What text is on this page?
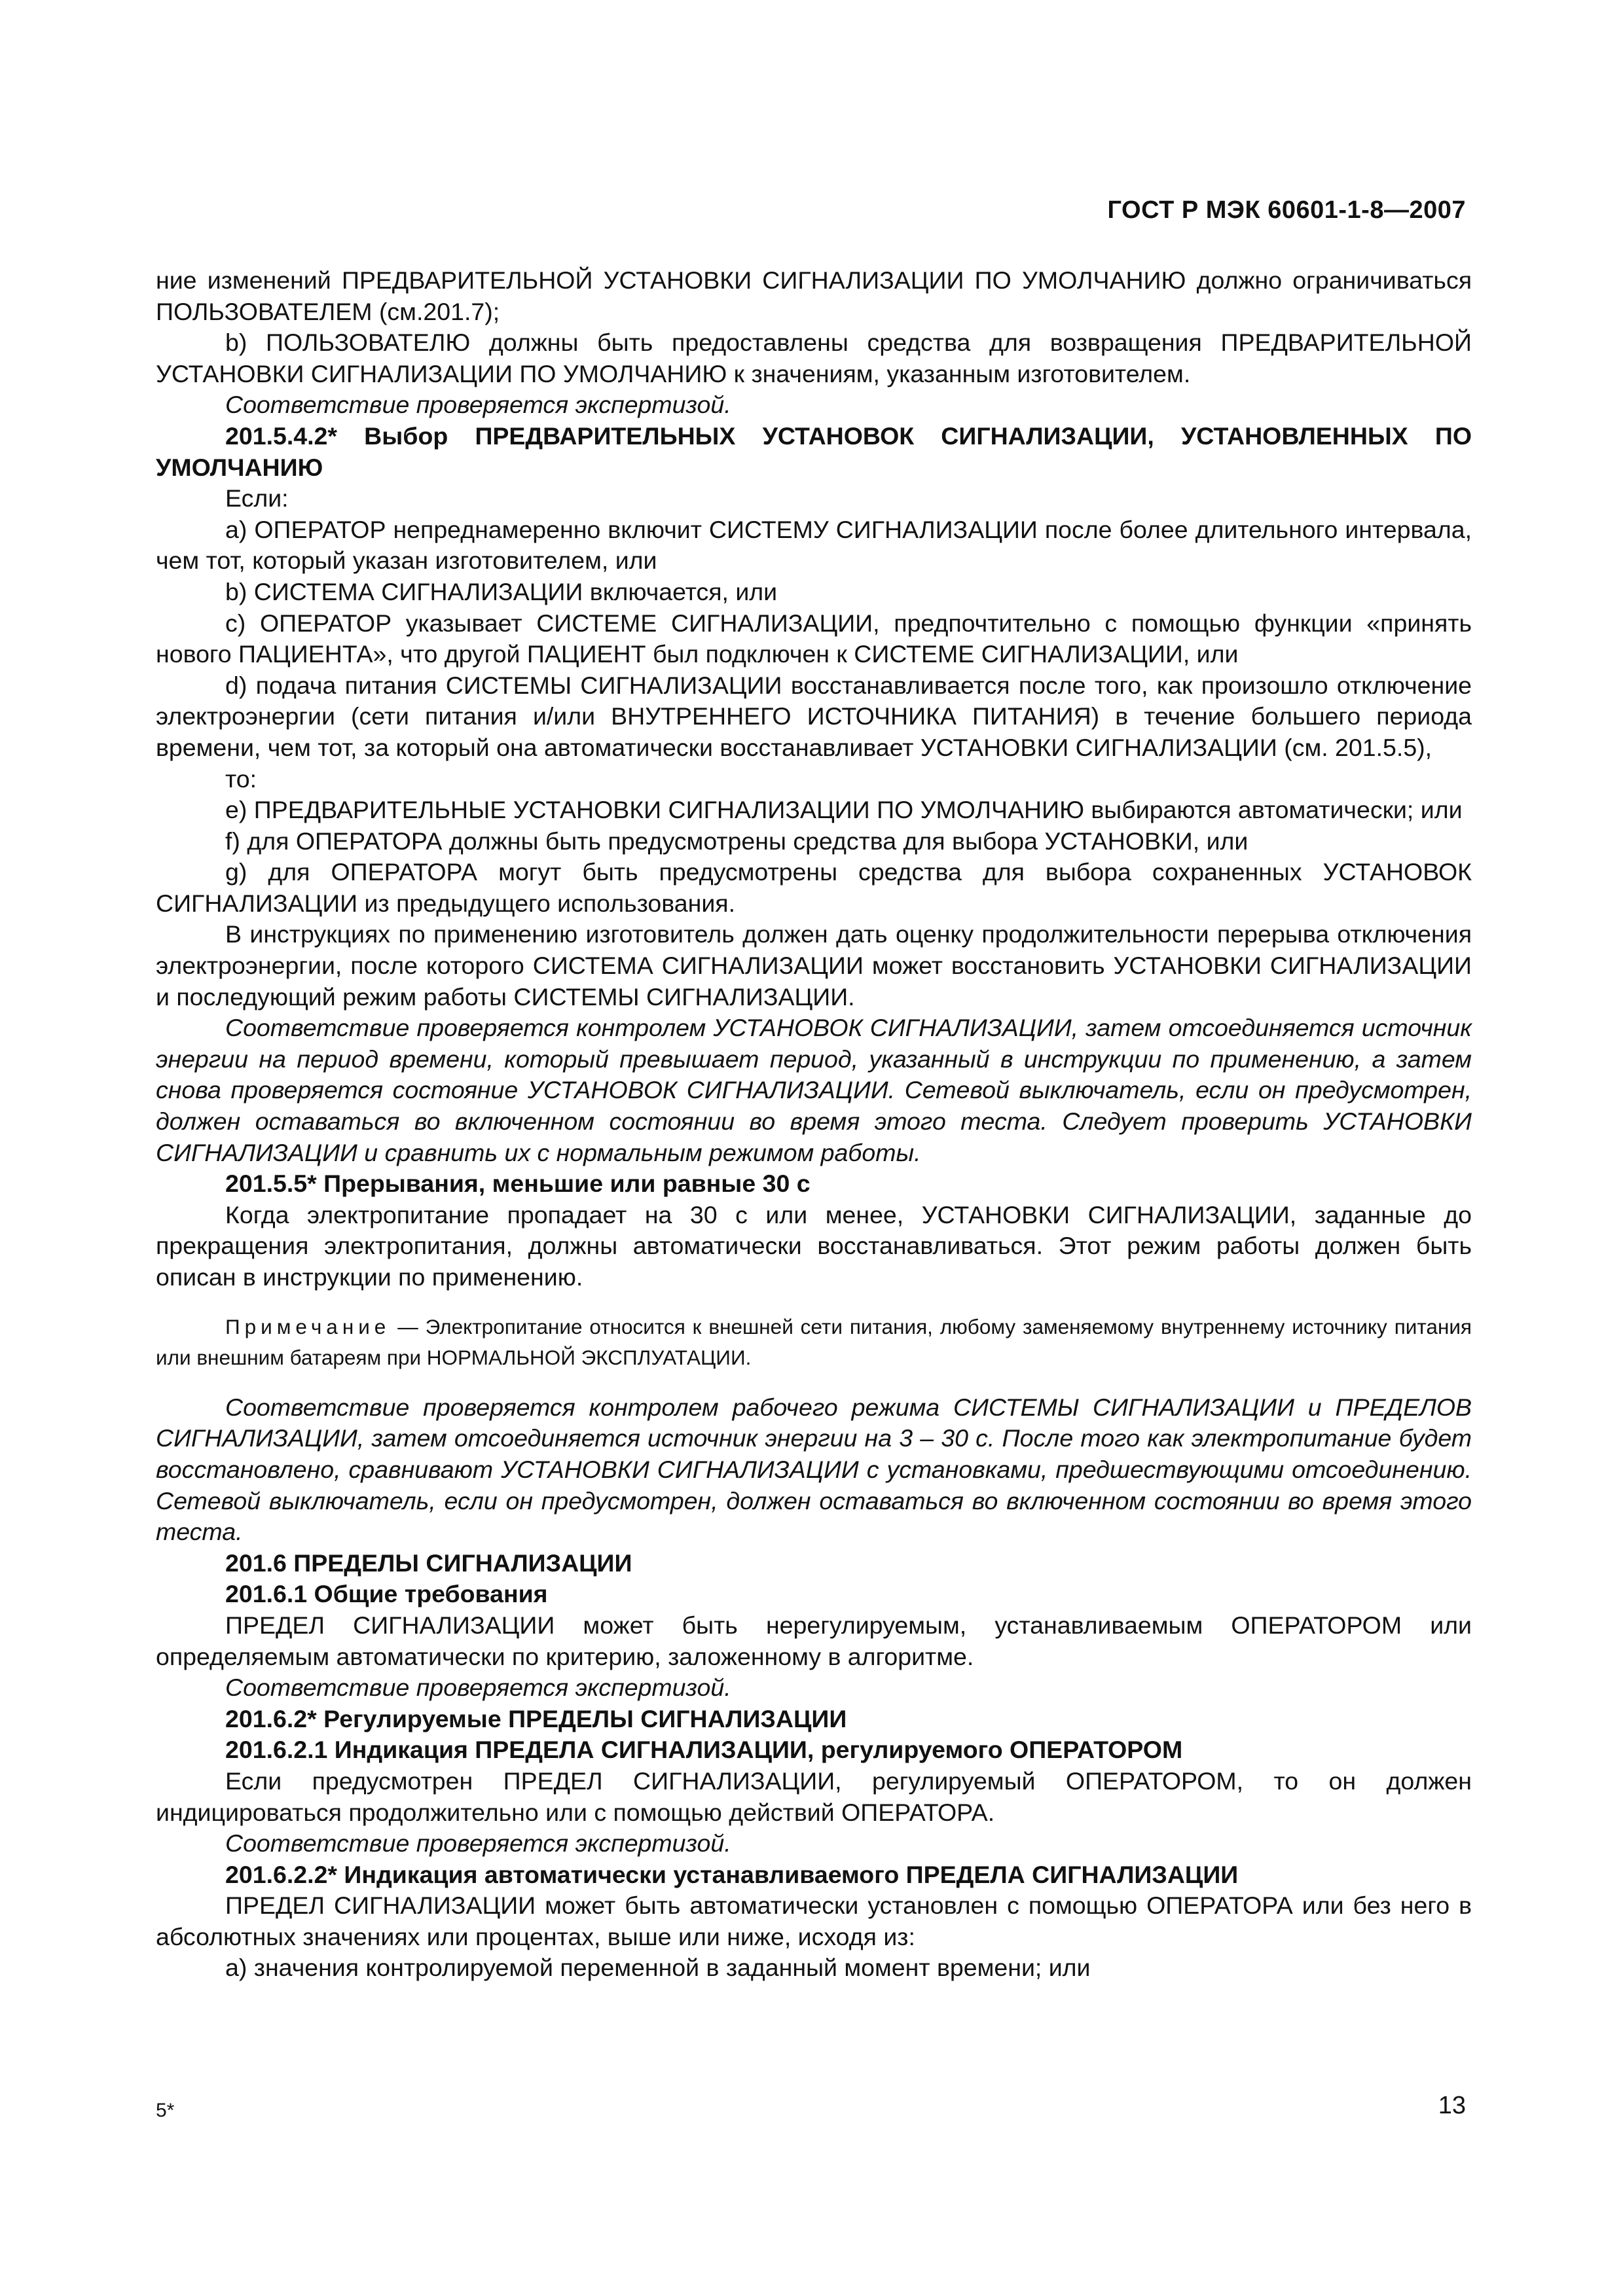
ГОСТ Р МЭК 60601-1-8—2007

ние изменений ПРЕДВАРИТЕЛЬНОЙ УСТАНОВКИ СИГНАЛИЗАЦИИ ПО УМОЛЧАНИЮ должно ограничиваться ПОЛЬЗОВАТЕЛЕМ (см.201.7);

b) ПОЛЬЗОВАТЕЛЮ должны быть предоставлены средства для возвращения ПРЕДВАРИТЕЛЬНОЙ УСТАНОВКИ СИГНАЛИЗАЦИИ ПО УМОЛЧАНИЮ к значениям, указанным изготовителем.

Соответствие проверяется экспертизой.

201.5.4.2* Выбор ПРЕДВАРИТЕЛЬНЫХ УСТАНОВОК СИГНАЛИЗАЦИИ, УСТАНОВЛЕННЫХ ПО УМОЛЧАНИЮ

Если:

a) ОПЕРАТОР непреднамеренно включит СИСТЕМУ СИГНАЛИЗАЦИИ после более длительного интервала, чем тот, который указан изготовителем, или

b) СИСТЕМА СИГНАЛИЗАЦИИ включается, или

c) ОПЕРАТОР указывает СИСТЕМЕ СИГНАЛИЗАЦИИ, предпочтительно с помощью функции «принять нового ПАЦИЕНТА», что другой ПАЦИЕНТ был подключен к СИСТЕМЕ СИГНАЛИЗАЦИИ, или

d) подача питания СИСТЕМЫ СИГНАЛИЗАЦИИ восстанавливается после того, как произошло отключение электроэнергии (сети питания и/или ВНУТРЕННЕГО ИСТОЧНИКА ПИТАНИЯ) в течение большего периода времени, чем тот, за который она автоматически восстанавливает УСТАНОВКИ СИГНАЛИЗАЦИИ (см. 201.5.5),

то:

e) ПРЕДВАРИТЕЛЬНЫЕ УСТАНОВКИ СИГНАЛИЗАЦИИ ПО УМОЛЧАНИЮ выбираются автоматически; или

f) для ОПЕРАТОРА должны быть предусмотрены средства для выбора УСТАНОВКИ, или

g) для ОПЕРАТОРА могут быть предусмотрены средства для выбора сохраненных УСТАНОВОК СИГНАЛИЗАЦИИ из предыдущего использования.

В инструкциях по применению изготовитель должен дать оценку продолжительности перерыва отключения электроэнергии, после которого СИСТЕМА СИГНАЛИЗАЦИИ может восстановить УСТАНОВКИ СИГНАЛИЗАЦИИ и последующий режим работы СИСТЕМЫ СИГНАЛИЗАЦИИ.

Соответствие проверяется контролем УСТАНОВОК СИГНАЛИЗАЦИИ, затем отсоединяется источник энергии на период времени, который превышает период, указанный в инструкции по применению, а затем снова проверяется состояние УСТАНОВОК СИГНАЛИЗАЦИИ. Сетевой выключатель, если он предусмотрен, должен оставаться во включенном состоянии во время этого теста. Следует проверить УСТАНОВКИ СИГНАЛИЗАЦИИ и сравнить их с нормальным режимом работы.

201.5.5* Прерывания, меньшие или равные 30 с

Когда электропитание пропадает на 30 с или менее, УСТАНОВКИ СИГНАЛИЗАЦИИ, заданные до прекращения электропитания, должны автоматически восстанавливаться. Этот режим работы должен быть описан в инструкции по применению.

Примечание — Электропитание относится к внешней сети питания, любому заменяемому внутреннему источнику питания или внешним батареям при НОРМАЛЬНОЙ ЭКСПЛУАТАЦИИ.

Соответствие проверяется контролем рабочего режима СИСТЕМЫ СИГНАЛИЗАЦИИ и ПРЕДЕЛОВ СИГНАЛИЗАЦИИ, затем отсоединяется источник энергии на 3 – 30 с. После того как электропитание будет восстановлено, сравнивают УСТАНОВКИ СИГНАЛИЗАЦИИ с установками, предшествующими отсоединению. Сетевой выключатель, если он предусмотрен, должен оставаться во включенном состоянии во время этого теста.

201.6 ПРЕДЕЛЫ СИГНАЛИЗАЦИИ

201.6.1 Общие требования

ПРЕДЕЛ СИГНАЛИЗАЦИИ может быть нерегулируемым, устанавливаемым ОПЕРАТОРОМ или определяемым автоматически по критерию, заложенному в алгоритме.

Соответствие проверяется экспертизой.

201.6.2* Регулируемые ПРЕДЕЛЫ СИГНАЛИЗАЦИИ

201.6.2.1 Индикация ПРЕДЕЛА СИГНАЛИЗАЦИИ, регулируемого ОПЕРАТОРОМ

Если предусмотрен ПРЕДЕЛ СИГНАЛИЗАЦИИ, регулируемый ОПЕРАТОРОМ, то он должен индицироваться продолжительно или с помощью действий ОПЕРАТОРА.

Соответствие проверяется экспертизой.

201.6.2.2* Индикация автоматически устанавливаемого ПРЕДЕЛА СИГНАЛИЗАЦИИ

ПРЕДЕЛ СИГНАЛИЗАЦИИ может быть автоматически установлен с помощью ОПЕРАТОРА или без него в абсолютных значениях или процентах, выше или ниже, исходя из:

a) значения контролируемой переменной в заданный момент времени; или

5*	13
